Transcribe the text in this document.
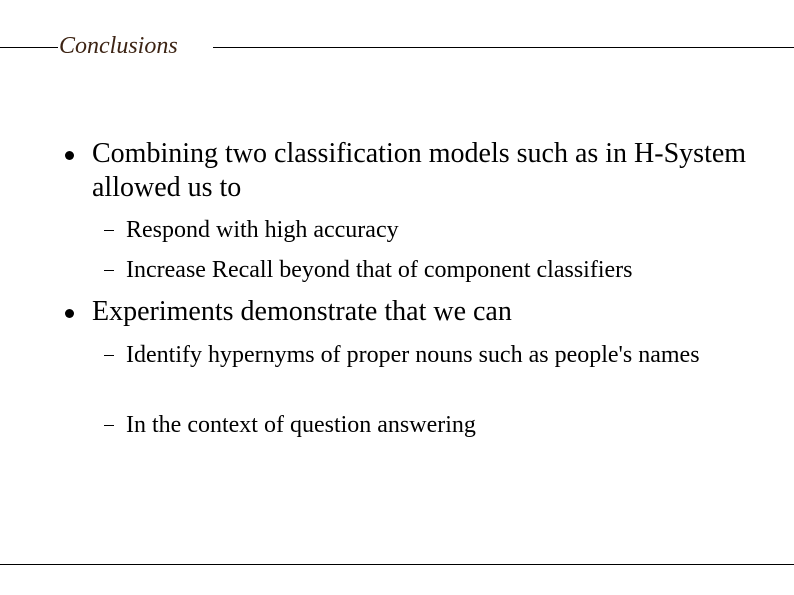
Conclusions
Combining two classification models such as in H-System allowed us to
Respond with high accuracy
Increase Recall beyond that of component classifiers
Experiments demonstrate that we can
Identify hypernyms of proper nouns such as people's names
In the context of question answering
